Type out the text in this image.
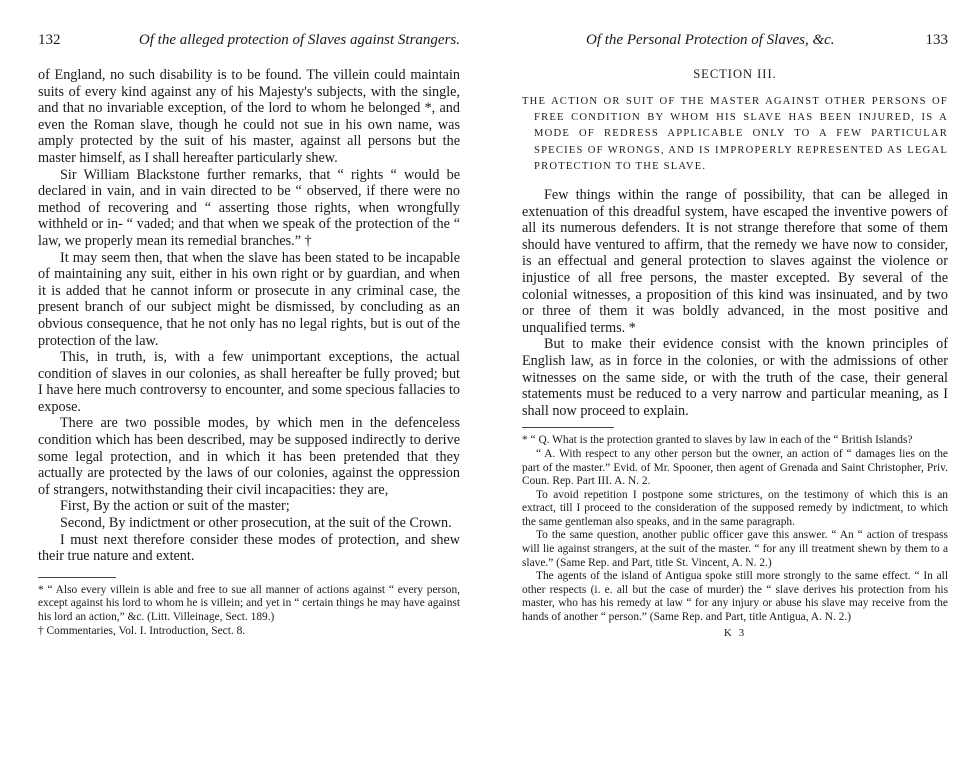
132	Of the alleged protection of Slaves against Strangers.

of England, no such disability is to be found. The villein could maintain suits of every kind against any of his Majesty's subjects, with the single, and that no invariable exception, of the lord to whom he belonged *, and even the Roman slave, though he could not sue in his own name, was amply protected by the suit of his master, against all persons but the master himself, as I shall hereafter particularly shew.

Sir William Blackstone further remarks, that “ rights “ would be declared in vain, and in vain directed to be “ observed, if there were no method of recovering and “ asserting those rights, when wrongfully withheld or in- “ vaded; and that when we speak of the protection of the “ law, we properly mean its remedial branches.” †

It may seem then, that when the slave has been stated to be incapable of maintaining any suit, either in his own right or by guardian, and when it is added that he cannot inform or prosecute in any criminal case, the present branch of our subject might be dismissed, by concluding as an obvious consequence, that he not only has no legal rights, but is out of the protection of the law.

This, in truth, is, with a few unimportant exceptions, the actual condition of slaves in our colonies, as shall hereafter be fully proved; but I have here much controversy to encounter, and some specious fallacies to expose.

There are two possible modes, by which men in the defenceless condition which has been described, may be supposed indirectly to derive some legal protection, and in which it has been pretended that they actually are protected by the laws of our colonies, against the oppression of strangers, notwithstanding their civil incapacities: they are,

First, By the action or suit of the master;

Second, By indictment or other prosecution, at the suit of the Crown.

I must next therefore consider these modes of protection, and shew their true nature and extent.

* “ Also every villein is able and free to sue all manner of actions against “ every person, except against his lord to whom he is villein; and yet in “ certain things he may have against his lord an action,” &c. (Litt. Villeinage, Sect. 189.)

† Commentaries, Vol. I. Introduction, Sect. 8.

Of the Personal Protection of Slaves, &c.	133
SECTION III.
THE ACTION OR SUIT OF THE MASTER AGAINST OTHER PERSONS OF FREE CONDITION BY WHOM HIS SLAVE HAS BEEN INJURED, IS A MODE OF REDRESS APPLICABLE ONLY TO A FEW PARTICULAR SPECIES OF WRONGS, AND IS IMPROPERLY REPRESENTED AS LEGAL PROTECTION TO THE SLAVE.

Few things within the range of possibility, that can be alleged in extenuation of this dreadful system, have escaped the inventive powers of all its numerous defenders. It is not strange therefore that some of them should have ventured to affirm, that the remedy we have now to consider, is an effectual and general protection to slaves against the violence or injustice of all free persons, the master excepted. By several of the colonial witnesses, a proposition of this kind was insinuated, and by two or three of them it was boldly advanced, in the most positive and unqualified terms. *

But to make their evidence consist with the known principles of English law, as in force in the colonies, or with the admissions of other witnesses on the same side, or with the truth of the case, their general statements must be reduced to a very narrow and particular meaning, as I shall now proceed to explain.

* “ Q. What is the protection granted to slaves by law in each of the “ British Islands?

“ A. With respect to any other person but the owner, an action of “ damages lies on the part of the master.” Evid. of Mr. Spooner, then agent of Grenada and Saint Christopher, Priv. Coun. Rep. Part III. A. N. 2.

To avoid repetition I postpone some strictures, on the testimony of which this is an extract, till I proceed to the consideration of the supposed remedy by indictment, to which the same gentleman also speaks, and in the same paragraph.

To the same question, another public officer gave this answer. “ An “ action of trespass will lie against strangers, at the suit of the master. “ for any ill treatment shewn by them to a slave.” (Same Rep. and Part, title St. Vincent, A. N. 2.)

The agents of the island of Antigua spoke still more strongly to the same effect. “ In all other respects (i. e. all but the case of murder) the “ slave derives his protection from his master, who has his remedy at law “ for any injury or abuse his slave may receive from the hands of another “ person.” (Same Rep. and Part, title Antigua, A. N. 2.)

K 3
